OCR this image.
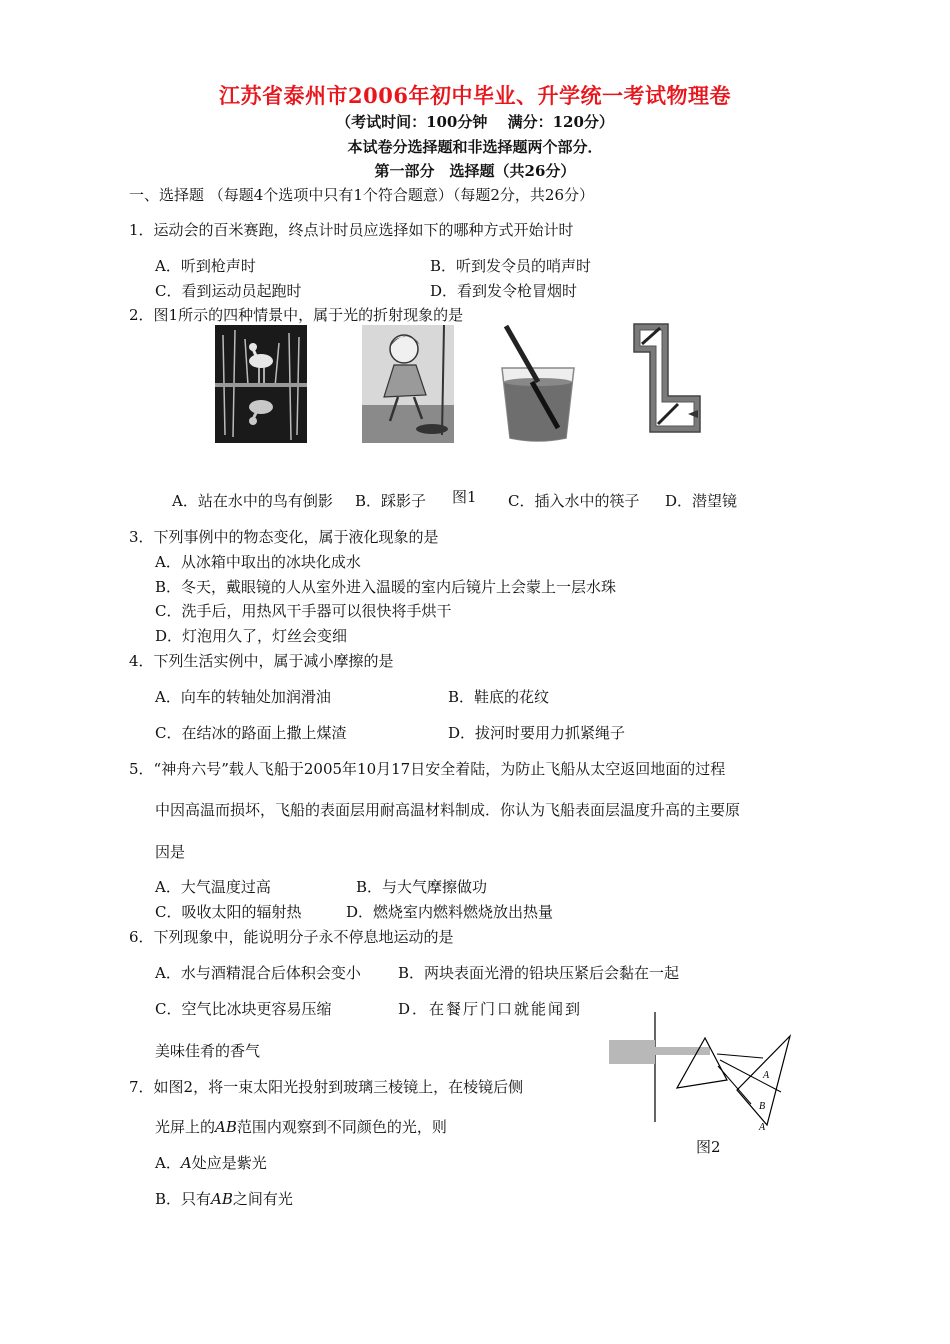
江苏省泰州市2006年初中毕业、升学统一考试物理卷
（考试时间：100分钟　 满分：120分）
本试卷分选择题和非选择题两个部分．
第一部分　选择题（共26分）
一、选择题 （每题4个选项中只有1个符合题意）（每题2分，共26分）
1．运动会的百米赛跑，终点计时员应选择如下的哪种方式开始计时
A．听到枪声时	B．听到发令员的哨声时
C．看到运动员起跑时	D．看到发令枪冒烟时
2．图1所示的四种情景中，属于光的折射现象的是
A．站在水中的鸟有倒影 B．踩影子 图1 C．插入水中的筷子 D．潜望镜
3．下列事例中的物态变化，属于液化现象的是
A．从冰箱中取出的冰块化成水
B．冬天，戴眼镜的人从室外进入温暖的室内后镜片上会蒙上一层水珠
C．洗手后，用热风干手器可以很快将手烘干
D．灯泡用久了，灯丝会变细
4．下列生活实例中，属于减小摩擦的是
A．向车的转轴处加润滑油	B．鞋底的花纹
C．在结冰的路面上撒上煤渣	D．拔河时要用力抓紧绳子
5．“神舟六号”载人飞船于2005年10月17日安全着陆，为防止飞船从太空返回地面的过程
中因高温而损坏，飞船的表面层用耐高温材料制成．你认为飞船表面层温度升高的主要原
因是
A．大气温度过高	B．与大气摩擦做功
C．吸收太阳的辐射热	D．燃烧室内燃料燃烧放出热量
6．下列现象中，能说明分子永不停息地运动的是
A．水与酒精混合后体积会变小 B．两块表面光滑的铅块压紧后会黏在一起
C．空气比冰块更容易压缩	D．在餐厅门口就能闻到
美味佳肴的香气
7．如图2，将一束太阳光投射到玻璃三棱镜上，在棱镜后侧
光屏上的AB范围内观察到不同颜色的光，则
A．A处应是紫光
B．只有AB之间有光
A
B
A
图2
